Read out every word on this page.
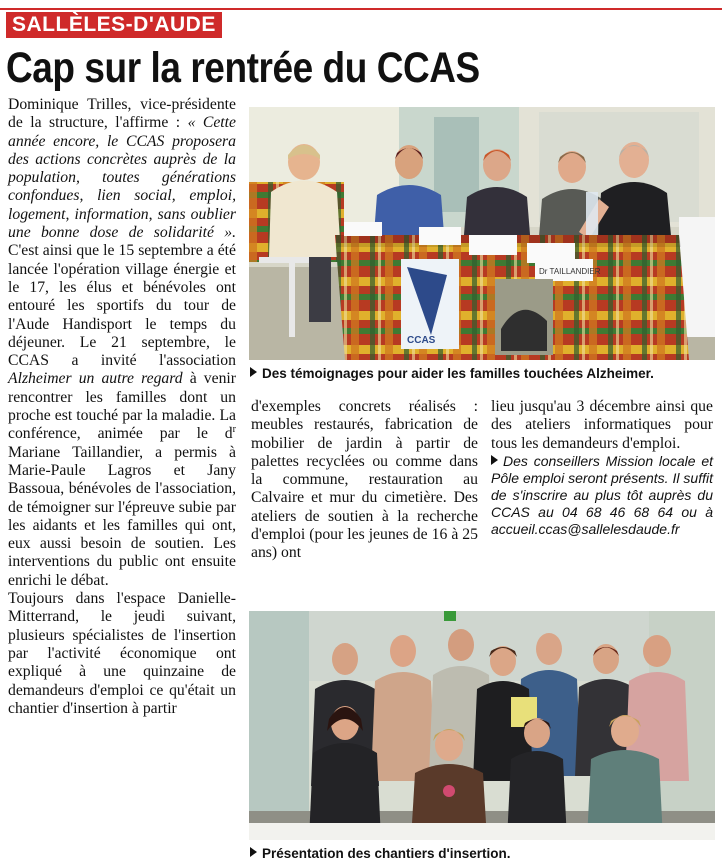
SALLÈLES-D'AUDE
Cap sur la rentrée du CCAS

Dominique Trilles, vice-présidente de la structure, l'affirme : « Cette année encore, le CCAS proposera des actions concrètes auprès de la population, toutes générations confondues, lien social, emploi, logement, information, sans oublier une bonne dose de solidarité ». C'est ainsi que le 15 septembre a été lancée l'opération village énergie et le 17, les élus et bénévoles ont entouré les sportifs du tour de l'Aude Handisport le temps du déjeuner. Le 21 septembre, le CCAS a invité l'association Alzheimer un autre regard à venir rencontrer les familles dont un proche est touché par la maladie. La conférence, animée par le $d^r$ Mariane Taillandier, a permis à Marie-Paule Lagros et Jany Bassoua, bénévoles de l'association, de témoigner sur l'épreuve subie par les aidants et les familles qui ont, eux aussi besoin de soutien. Les interventions du public ont ensuite enrichi le débat.

Toujours dans l'espace Danielle-Mitterrand, le jeudi suivant, plusieurs spécialistes de l'insertion par l'activité économique ont expliqué à une quinzaine de demandeurs d'emploi ce qu'était un chantier d'insertion à partir

d'exemples concrets réalisés : meubles restaurés, fabrication de mobilier de jardin à partir de palettes recyclées ou comme dans la commune, restauration au Calvaire et mur du cimetière. Des ateliers de soutien à la recherche d'emploi (pour les jeunes de 16 à 25 ans) ont

lieu jusqu'au 3 décembre ainsi que des ateliers informatiques pour tous les demandeurs d'emploi.

Des conseillers Mission locale et Pôle emploi seront présents. Il suffit de s'inscrire au plus tôt auprès du CCAS au 04 68 46 68 64 ou à accueil.ccas@sallelesdaude.fr

Dr TAILLANDIER
CCAS
Des témoignages pour aider les familles touchées Alzheimer.
Présentation des chantiers d'insertion.
